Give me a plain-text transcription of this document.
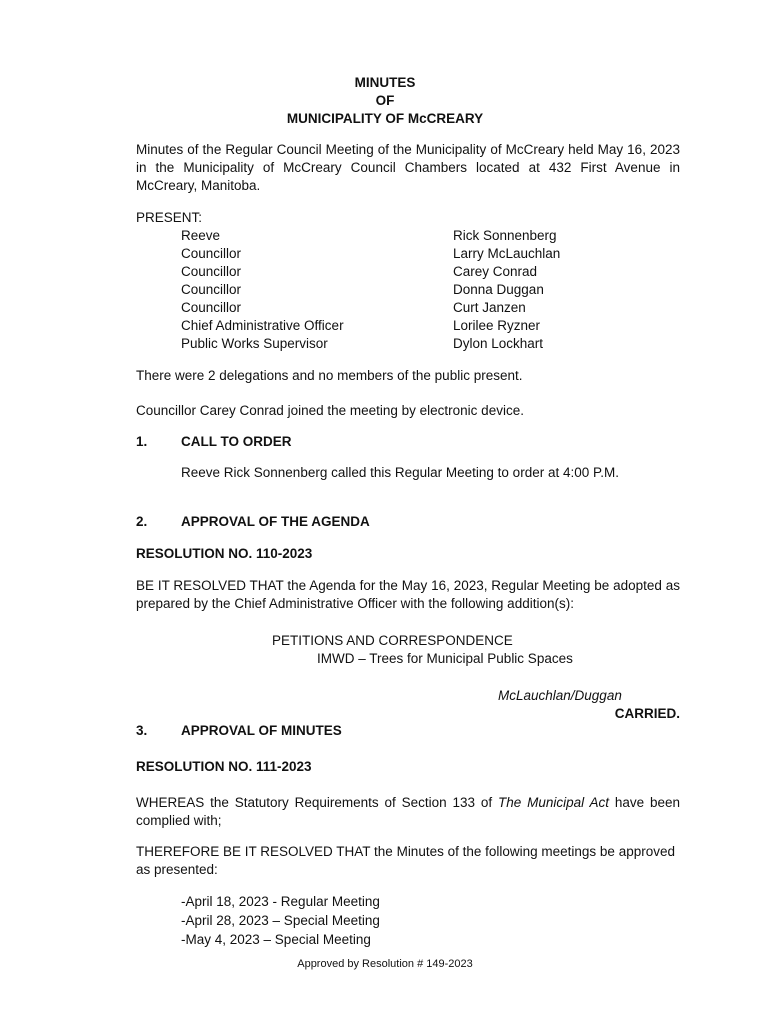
MINUTES
OF
MUNICIPALITY OF McCREARY
Minutes of the Regular Council Meeting of the Municipality of McCreary held May 16, 2023 in the Municipality of McCreary Council Chambers located at 432 First Avenue in McCreary, Manitoba.
PRESENT:
Reeve	Rick Sonnenberg
Councillor	Larry McLauchlan
Councillor	Carey Conrad
Councillor	Donna Duggan
Councillor	Curt Janzen
Chief Administrative Officer	Lorilee Ryzner
Public Works Supervisor	Dylon Lockhart
There were 2 delegations and no members of the public present.
Councillor Carey Conrad joined the meeting by electronic device.
1. CALL TO ORDER
Reeve Rick Sonnenberg called this Regular Meeting to order at 4:00 P.M.
2. APPROVAL OF THE AGENDA
RESOLUTION NO. 110-2023
BE IT RESOLVED THAT the Agenda for the May 16, 2023, Regular Meeting be adopted as prepared by the Chief Administrative Officer with the following addition(s):
PETITIONS AND CORRESPONDENCE
IMWD – Trees for Municipal Public Spaces
McLauchlan/Duggan
CARRIED.
3. APPROVAL OF MINUTES
RESOLUTION NO. 111-2023
WHEREAS the Statutory Requirements of Section 133 of The Municipal Act have been complied with;
THEREFORE BE IT RESOLVED THAT the Minutes of the following meetings be approved as presented:
-April 18, 2023 - Regular Meeting
-April 28, 2023 – Special Meeting
-May 4, 2023 – Special Meeting
Approved by Resolution # 149-2023
